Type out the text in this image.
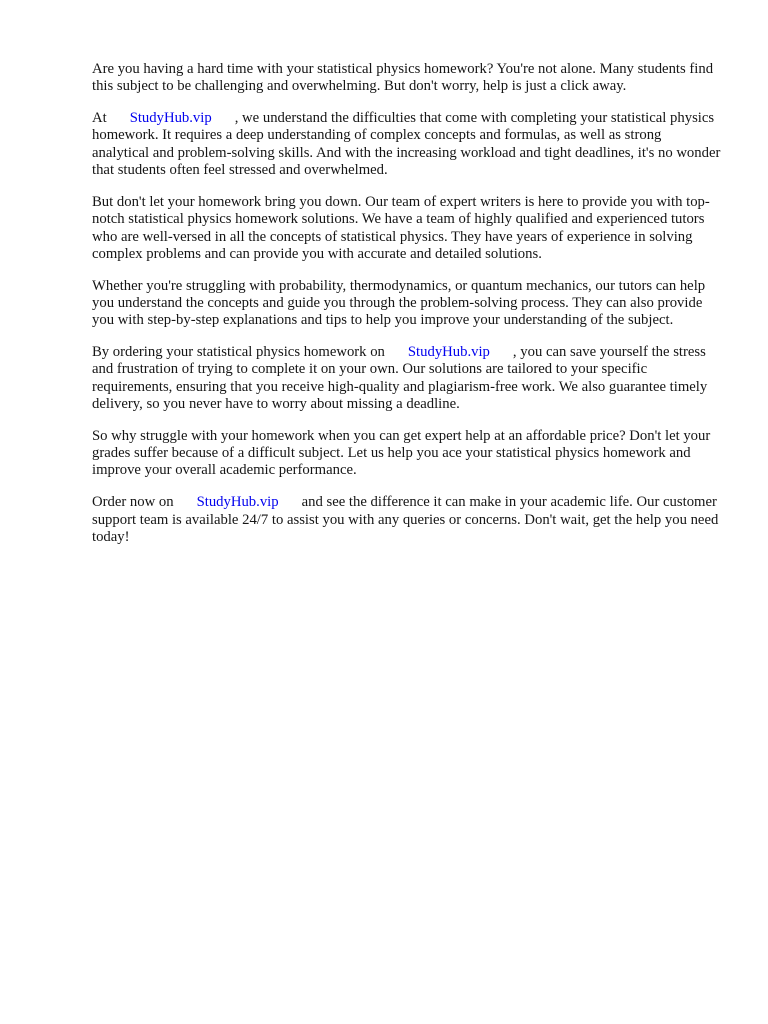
Are you having a hard time with your statistical physics homework? You're not alone. Many students find this subject to be challenging and overwhelming. But don't worry, help is just a click away.

At StudyHub.vip , we understand the difficulties that come with completing your statistical physics homework. It requires a deep understanding of complex concepts and formulas, as well as strong analytical and problem-solving skills. And with the increasing workload and tight deadlines, it's no wonder that students often feel stressed and overwhelmed.

But don't let your homework bring you down. Our team of expert writers is here to provide you with top-notch statistical physics homework solutions. We have a team of highly qualified and experienced tutors who are well-versed in all the concepts of statistical physics. They have years of experience in solving complex problems and can provide you with accurate and detailed solutions.

Whether you're struggling with probability, thermodynamics, or quantum mechanics, our tutors can help you understand the concepts and guide you through the problem-solving process. They can also provide you with step-by-step explanations and tips to help you improve your understanding of the subject.

By ordering your statistical physics homework on StudyHub.vip , you can save yourself the stress and frustration of trying to complete it on your own. Our solutions are tailored to your specific requirements, ensuring that you receive high-quality and plagiarism-free work. We also guarantee timely delivery, so you never have to worry about missing a deadline.

So why struggle with your homework when you can get expert help at an affordable price? Don't let your grades suffer because of a difficult subject. Let us help you ace your statistical physics homework and improve your overall academic performance.

Order now on StudyHub.vip and see the difference it can make in your academic life. Our customer support team is available 24/7 to assist you with any queries or concerns. Don't wait, get the help you need today!
